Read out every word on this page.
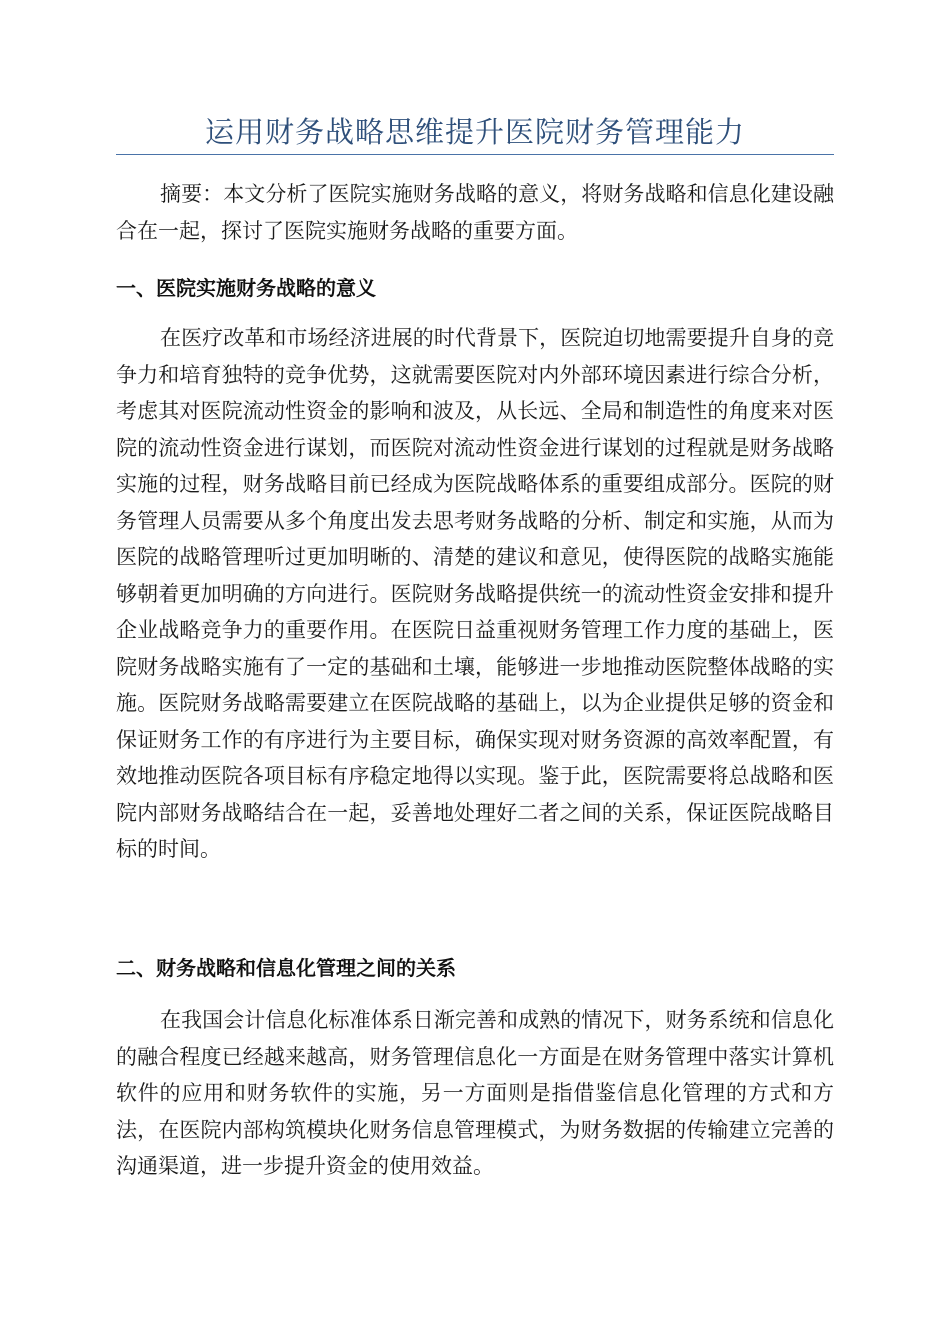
运用财务战略思维提升医院财务管理能力

摘要：本文分析了医院实施财务战略的意义，将财务战略和信息化建设融合在一起，探讨了医院实施财务战略的重要方面。

一、医院实施财务战略的意义

在医疗改革和市场经济进展的时代背景下，医院迫切地需要提升自身的竞争力和培育独特的竞争优势，这就需要医院对内外部环境因素进行综合分析，考虑其对医院流动性资金的影响和波及，从长远、全局和制造性的角度来对医院的流动性资金进行谋划，而医院对流动性资金进行谋划的过程就是财务战略实施的过程，财务战略目前已经成为医院战略体系的重要组成部分。医院的财务管理人员需要从多个角度出发去思考财务战略的分析、制定和实施，从而为医院的战略管理听过更加明晰的、清楚的建议和意见，使得医院的战略实施能够朝着更加明确的方向进行。医院财务战略提供统一的流动性资金安排和提升企业战略竞争力的重要作用。在医院日益重视财务管理工作力度的基础上，医院财务战略实施有了一定的基础和土壤，能够进一步地推动医院整体战略的实施。医院财务战略需要建立在医院战略的基础上，以为企业提供足够的资金和保证财务工作的有序进行为主要目标，确保实现对财务资源的高效率配置，有效地推动医院各项目标有序稳定地得以实现。鉴于此，医院需要将总战略和医院内部财务战略结合在一起，妥善地处理好二者之间的关系，保证医院战略目标的时间。

二、财务战略和信息化管理之间的关系

在我国会计信息化标准体系日渐完善和成熟的情况下，财务系统和信息化的融合程度已经越来越高，财务管理信息化一方面是在财务管理中落实计算机软件的应用和财务软件的实施，另一方面则是指借鉴信息化管理的方式和方法，在医院内部构筑模块化财务信息管理模式，为财务数据的传输建立完善的沟通渠道，进一步提升资金的使用效益。
